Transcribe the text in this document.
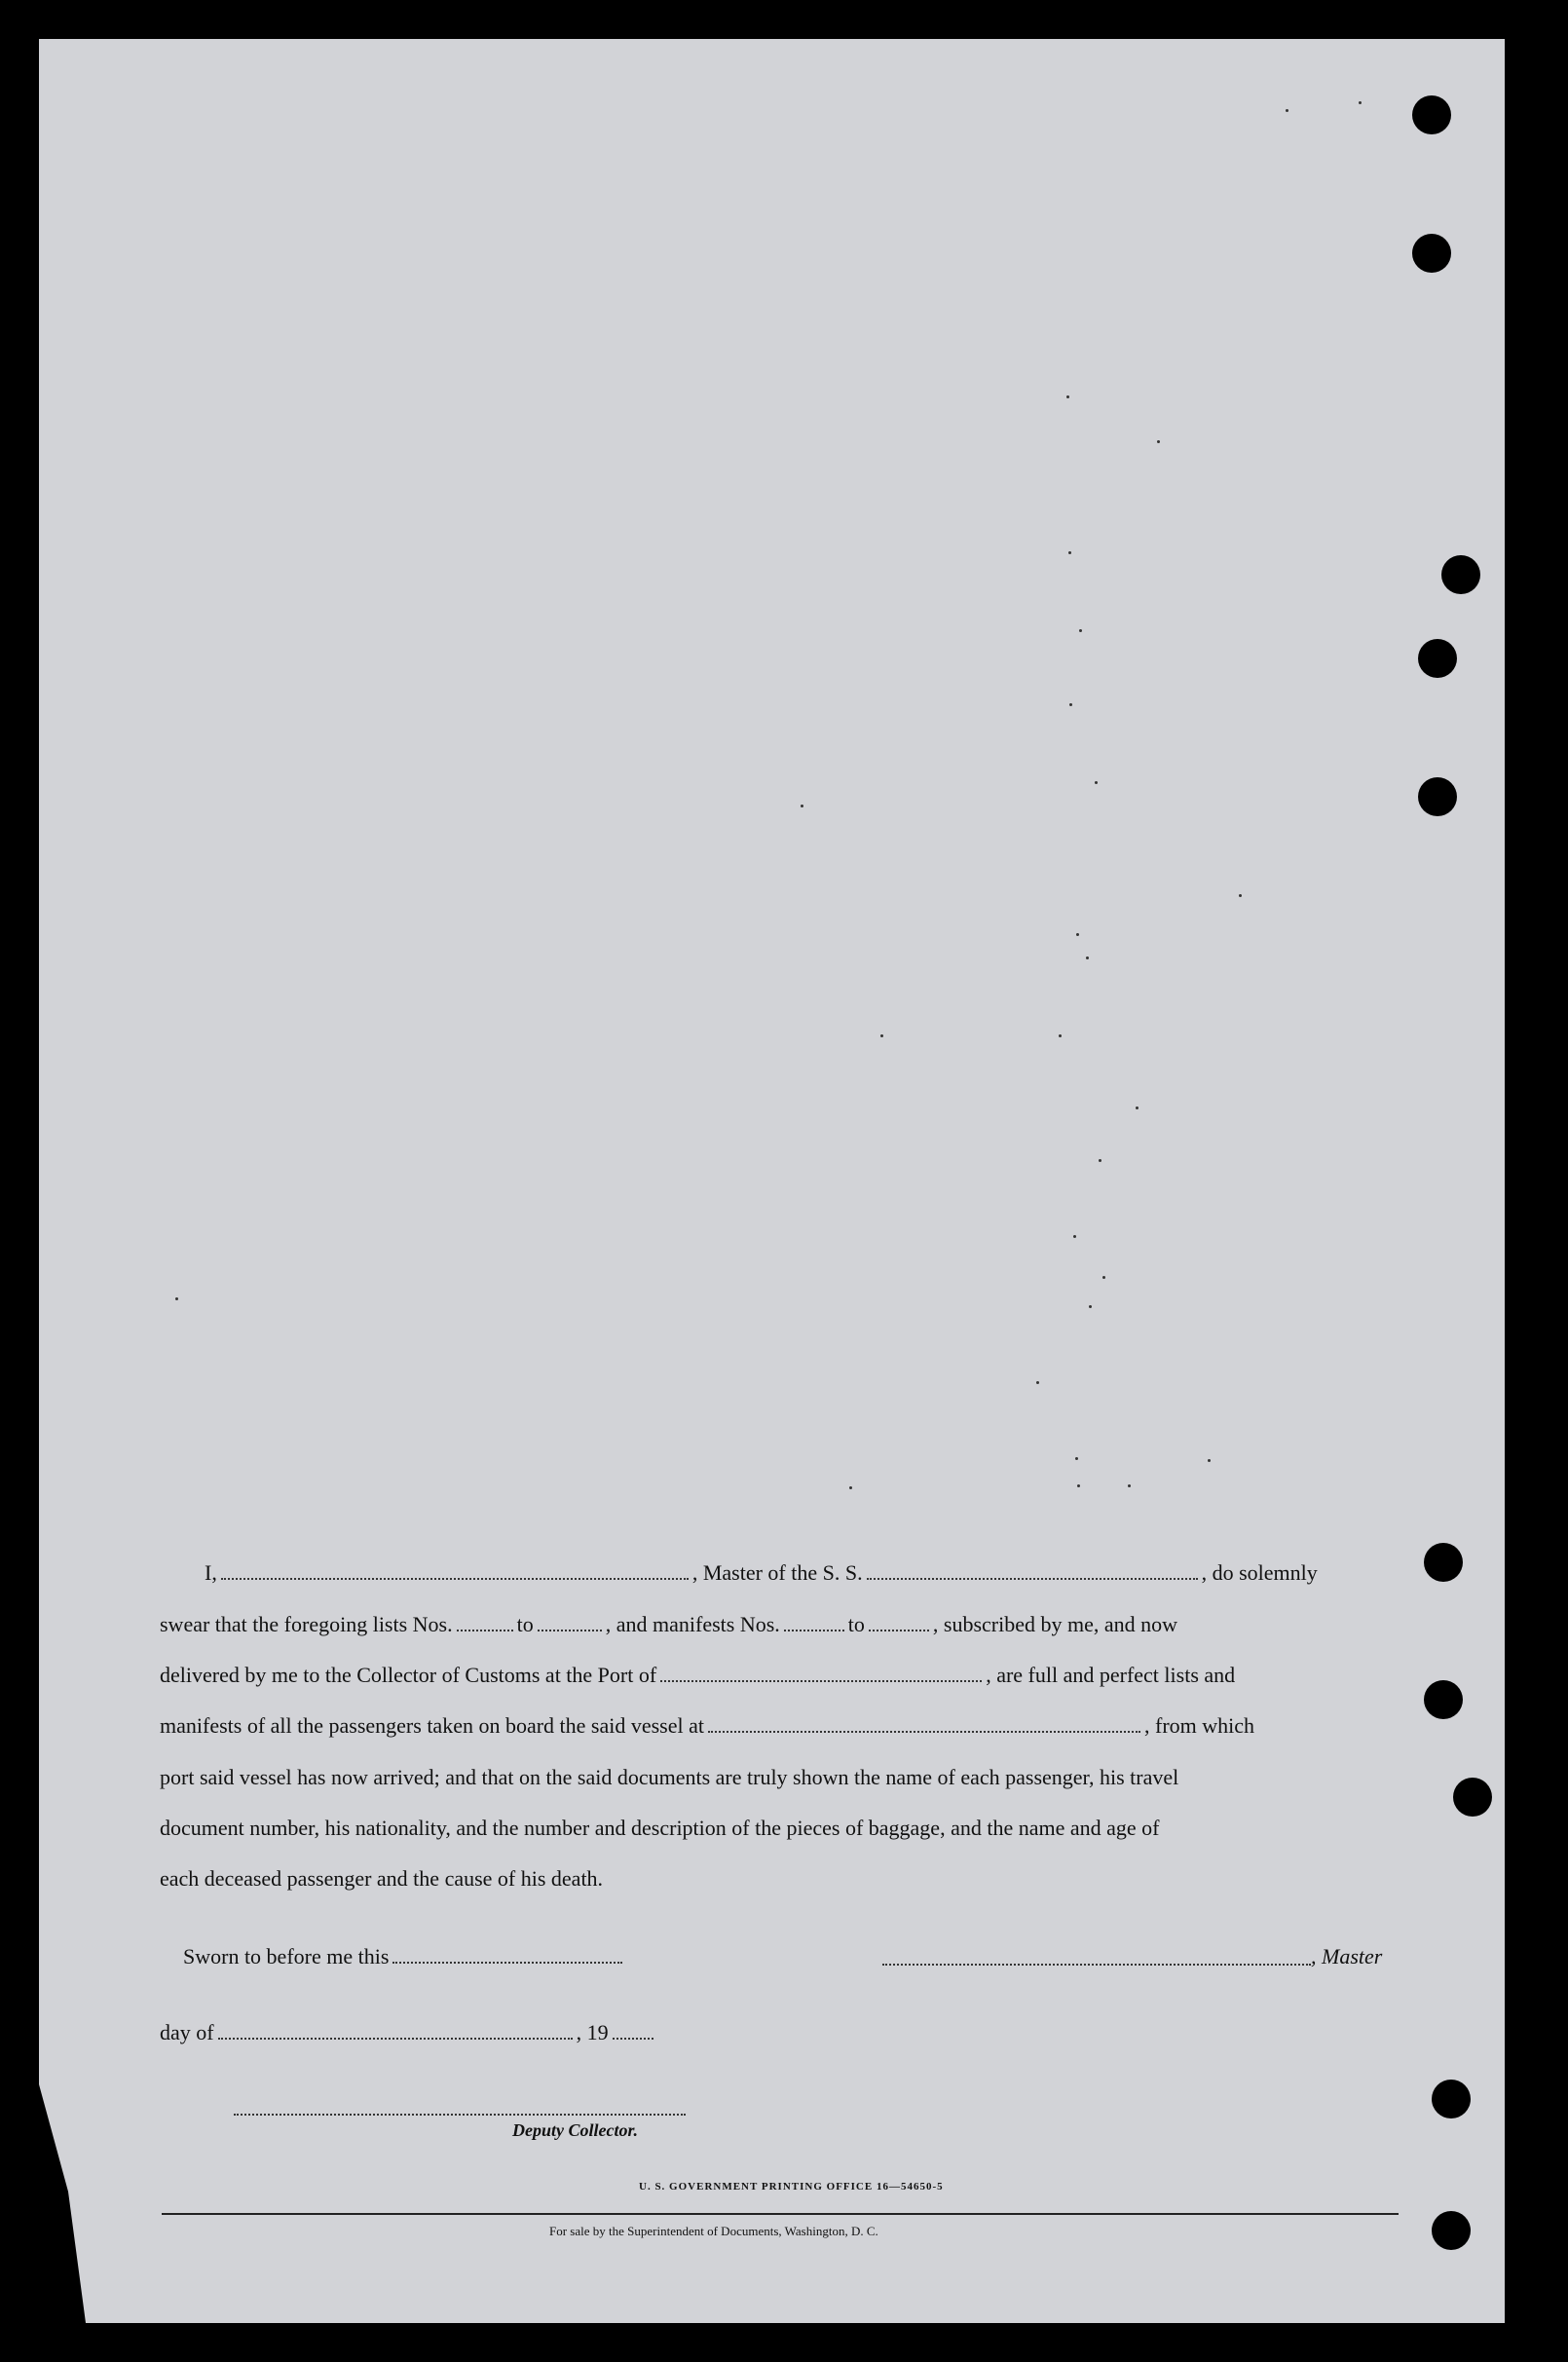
I,	, Master of the S. S.	, do solemnly
swear that the foregoing lists Nos.	to	, and manifests Nos.	to	, subscribed by me, and now
delivered by me to the Collector of Customs at the Port of	, are full and perfect lists and
manifests of all the passengers taken on board the said vessel at	, from which
port said vessel has now arrived; and that on the said documents are truly shown the name of each passenger, his travel
document number, his nationality, and the number and description of the pieces of baggage, and the name and age of
each deceased passenger and the cause of his death.
Sworn to before me this	, Master
day of	, 19
Deputy Collector.
U. S. GOVERNMENT PRINTING OFFICE 16—54650-5
For sale by the Superintendent of Documents, Washington, D. C.
